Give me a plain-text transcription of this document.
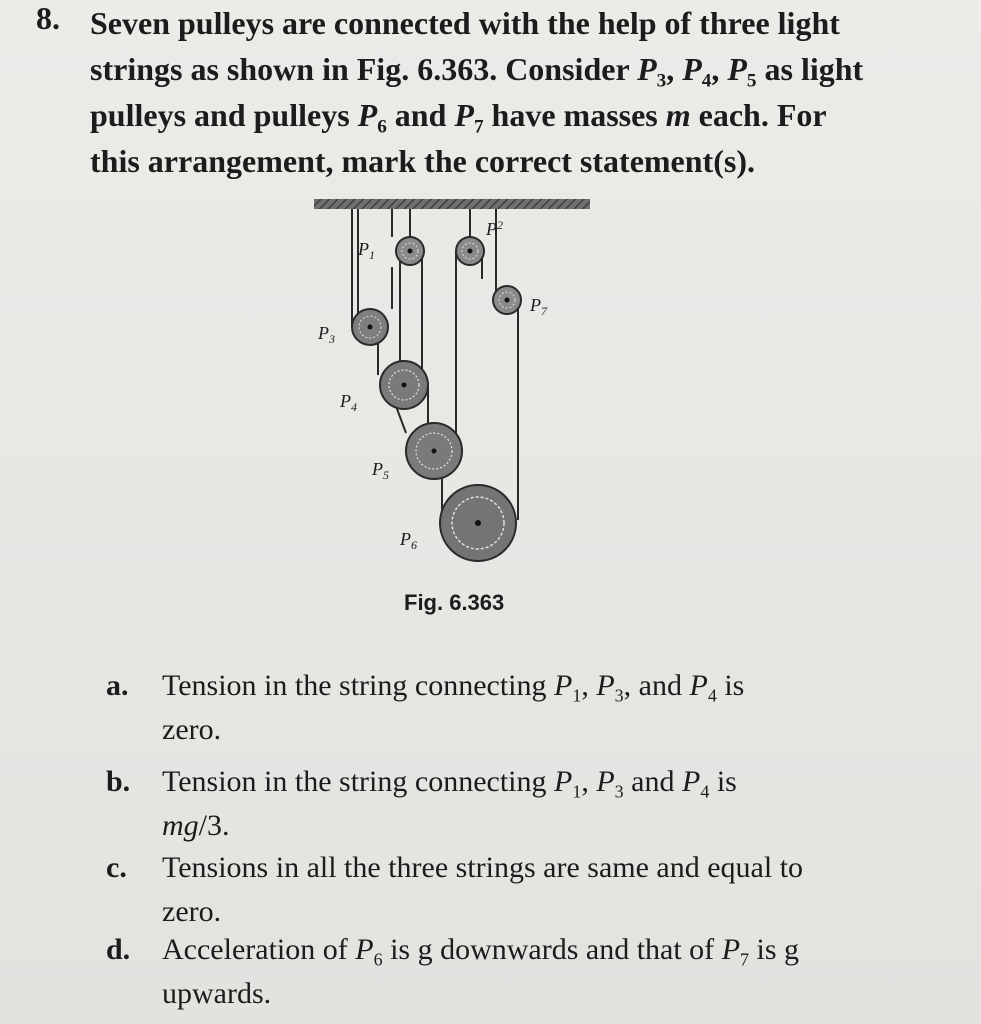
8. Seven pulleys are connected with the help of three light

strings as shown in Fig. 6.363. Consider $P_3$, $P_4$, $P_5$ as light

pulleys and pulleys $P_6$ and $P_7$ have masses m each. For

this arrangement, mark the correct statement(s).

$P_1$
$P^2$
$P_3$
$P_4$
$P_5$
$P_6$
$P_7$
Fig. 6.363
a. Tension in the string connecting $P_1$, $P_3$, and $P_4$ is
zero.
b. Tension in the string connecting $P_1$, $P_3$ and $P_4$ is
mg/3.
c. Tensions in all the three strings are same and equal to
zero.
d. Acceleration of $P_6$ is g downwards and that of $P_7$ is g
upwards.
